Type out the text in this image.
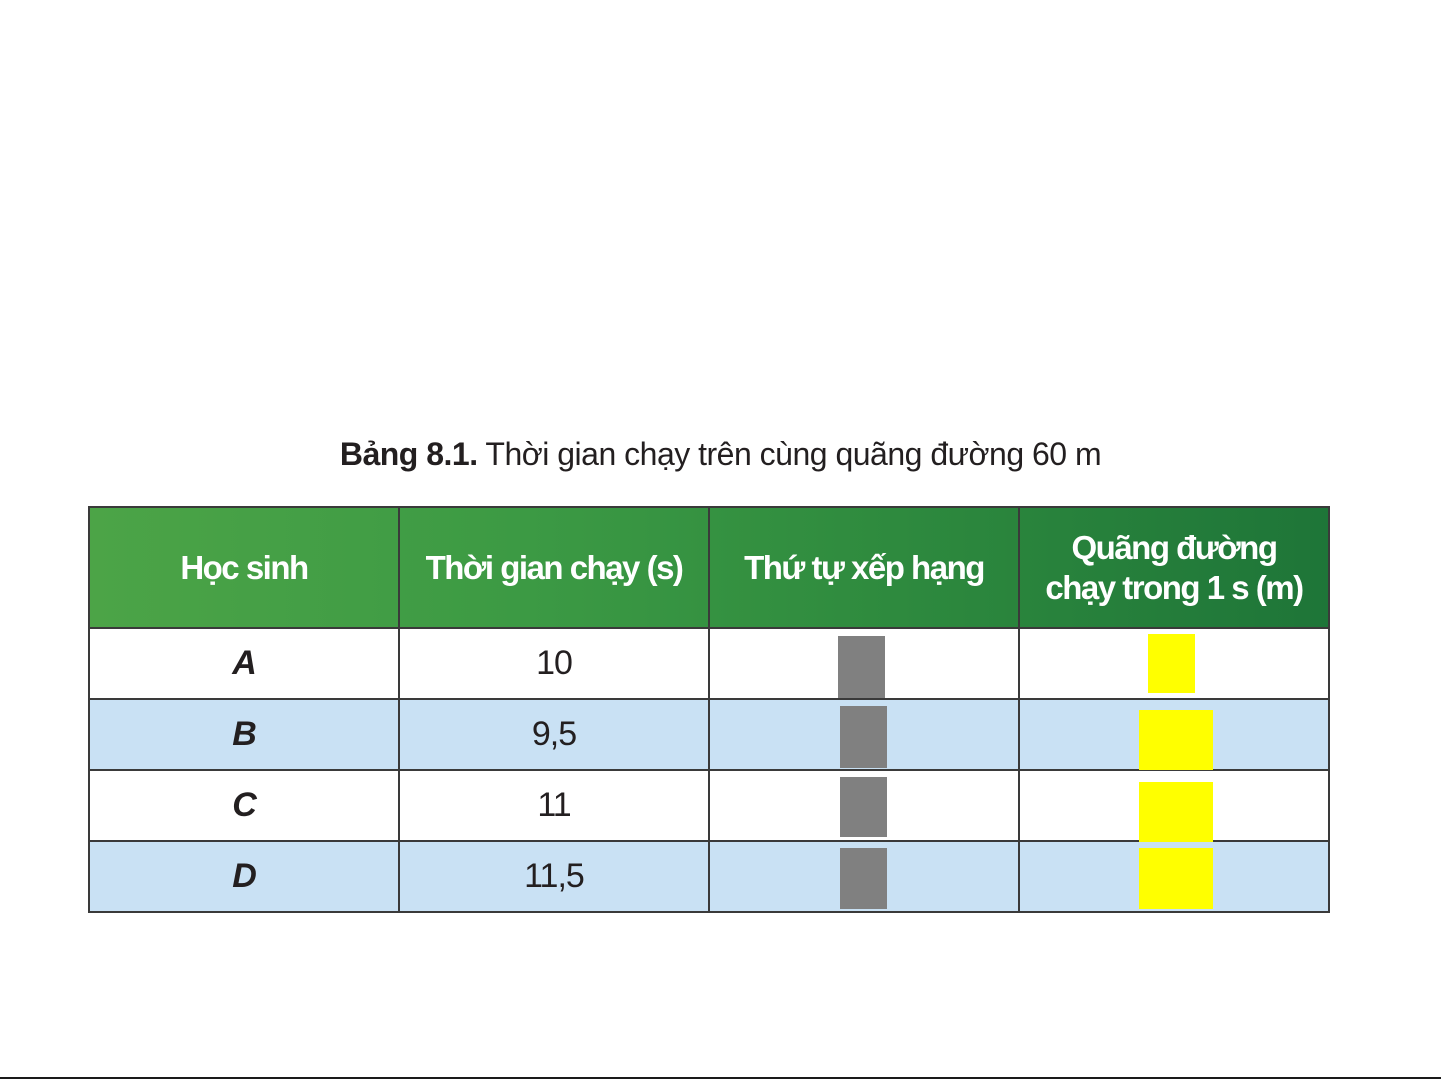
Bảng 8.1. Thời gian chạy trên cùng quãng đường 60 m
Học sinh	Thời gian chạy (s)	Thứ tự xếp hạng	Quãng đường chạy trong 1 s (m)
A	10	

B	9,5	

C	11	

D	11,5	
